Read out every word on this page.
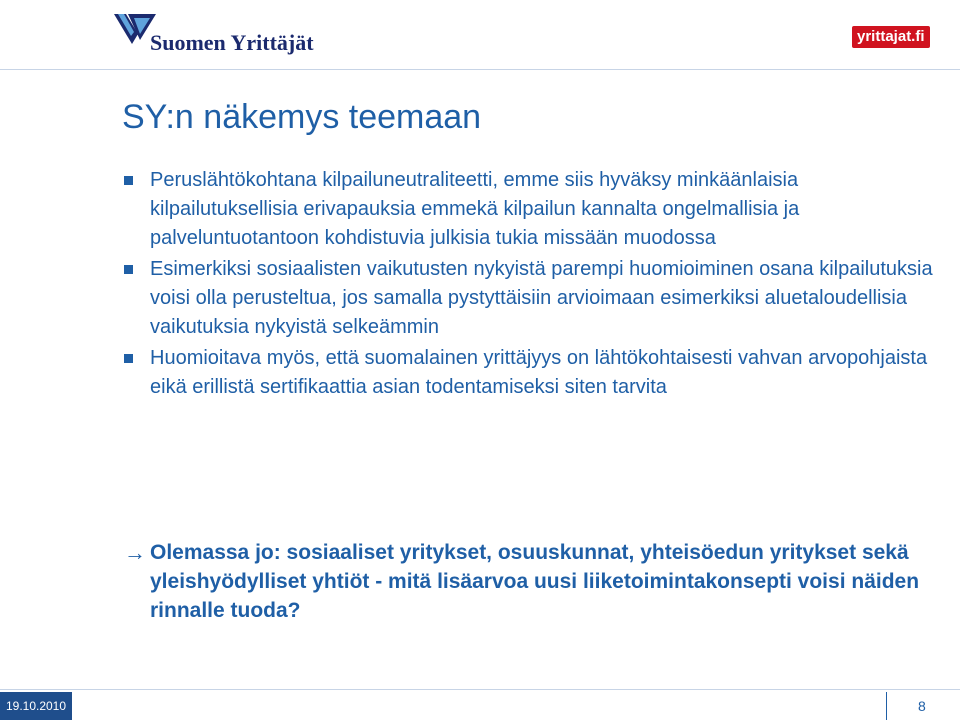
Suomen Yrittäjät	yrittajat.fi
SY:n näkemys teemaan
Peruslähtökohtana kilpailuneutraliteetti, emme siis hyväksy minkäänlaisia kilpailutuksellisia erivapauksia emmekä kilpailun kannalta ongelmallisia ja palveluntuotantoon kohdistuvia julkisia tukia missään muodossa
Esimerkiksi sosiaalisten vaikutusten nykyistä parempi huomioiminen osana kilpailutuksia voisi olla perusteltua, jos samalla pystyttäisiin arvioimaan esimerkiksi aluetaloudellisia vaikutuksia nykyistä selkeämmin
Huomioitava myös, että suomalainen yrittäjyys on lähtökohtaisesti vahvan arvopohjaista eikä erillistä sertifikaattia asian todentamiseksi siten tarvita
→ Olemassa jo: sosiaaliset yritykset, osuuskunnat, yhteisöedun yritykset sekä yleishyödylliset yhtiöt - mitä lisäarvoa uusi liiketoimintakonsepti voisi näiden rinnalle tuoda?
19.10.2010	8
